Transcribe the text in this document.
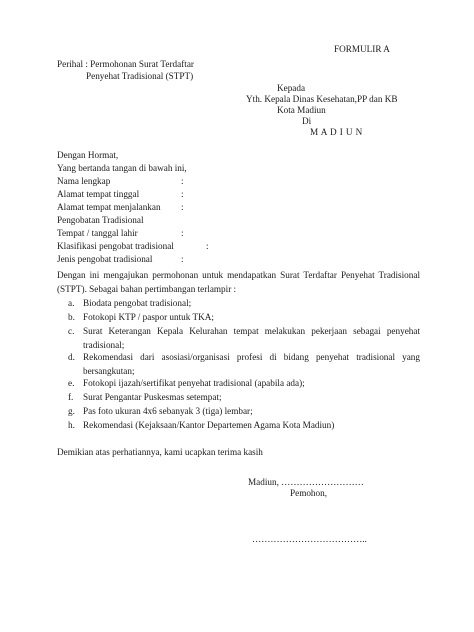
FORMULIR A
Perihal : Permohonan Surat Terdaftar
Penyehat Tradisional (STPT)
Kepada
Yth. Kepala Dinas Kesehatan,PP dan KB
Kota Madiun
Di
M A D I U N
Dengan Hormat,
Yang bertanda tangan di bawah ini,
Nama lengkap	:
Alamat tempat tinggal	:
Alamat tempat menjalankan :
Pengobatan Tradisional
Tempat / tanggal lahir	:
Klasifikasi pengobat tradisional	:
Jenis pengobat tradisional	:
Dengan ini mengajukan permohonan untuk mendapatkan Surat Terdaftar Penyehat Tradisional (STPT). Sebagai bahan pertimbangan terlampir :
a. Biodata pengobat tradisional;
b. Fotokopi KTP / paspor untuk TKA;
c. Surat Keterangan Kepala Kelurahan tempat melakukan pekerjaan sebagai penyehat tradisional;
d. Rekomendasi dari asosiasi/organisasi profesi di bidang penyehat tradisional yang bersangkutan;
e. Fotokopi ijazah/sertifikat penyehat tradisional (apabila ada);
f. Surat Pengantar Puskesmas setempat;
g. Pas foto ukuran 4x6 sebanyak 3 (tiga) lembar;
h. Rekomendasi (Kejaksaan/Kantor Departemen Agama Kota Madiun)
Demikian atas perhatiannya, kami ucapkan terima kasih
Madiun, ………………………
Pemohon,
………………………………..
